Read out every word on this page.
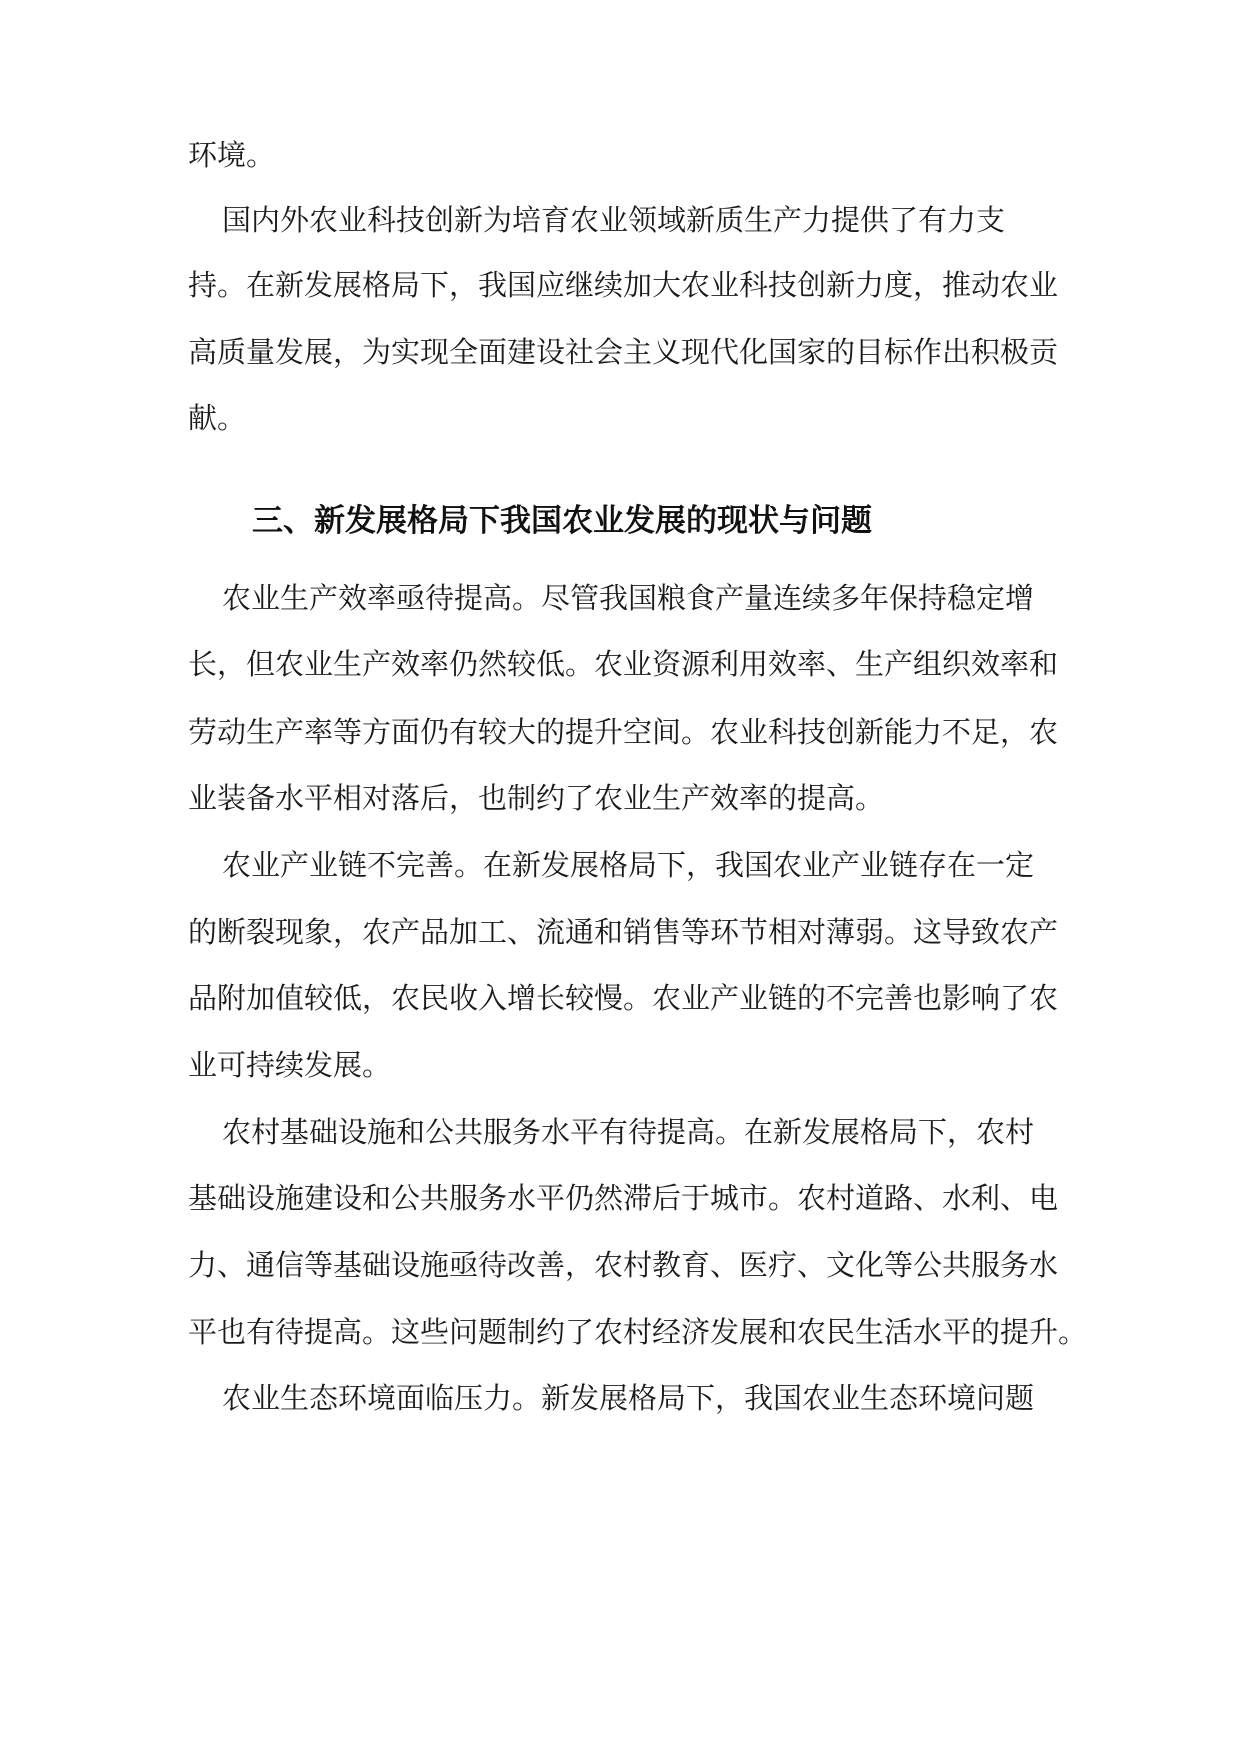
环境。
国内外农业科技创新为培育农业领域新质生产力提供了有力支
持。在新发展格局下，我国应继续加大农业科技创新力度，推动农业
高质量发展，为实现全面建设社会主义现代化国家的目标作出积极贡
献。
三、新发展格局下我国农业发展的现状与问题
农业生产效率亟待提高。尽管我国粮食产量连续多年保持稳定增
长，但农业生产效率仍然较低。农业资源利用效率、生产组织效率和
劳动生产率等方面仍有较大的提升空间。农业科技创新能力不足，农
业装备水平相对落后，也制约了农业生产效率的提高。
农业产业链不完善。在新发展格局下，我国农业产业链存在一定
的断裂现象，农产品加工、流通和销售等环节相对薄弱。这导致农产
品附加值较低，农民收入增长较慢。农业产业链的不完善也影响了农
业可持续发展。
农村基础设施和公共服务水平有待提高。在新发展格局下，农村
基础设施建设和公共服务水平仍然滞后于城市。农村道路、水利、电
力、通信等基础设施亟待改善，农村教育、医疗、文化等公共服务水
平也有待提高。这些问题制约了农村经济发展和农民生活水平的提升。
农业生态环境面临压力。新发展格局下，我国农业生态环境问题
